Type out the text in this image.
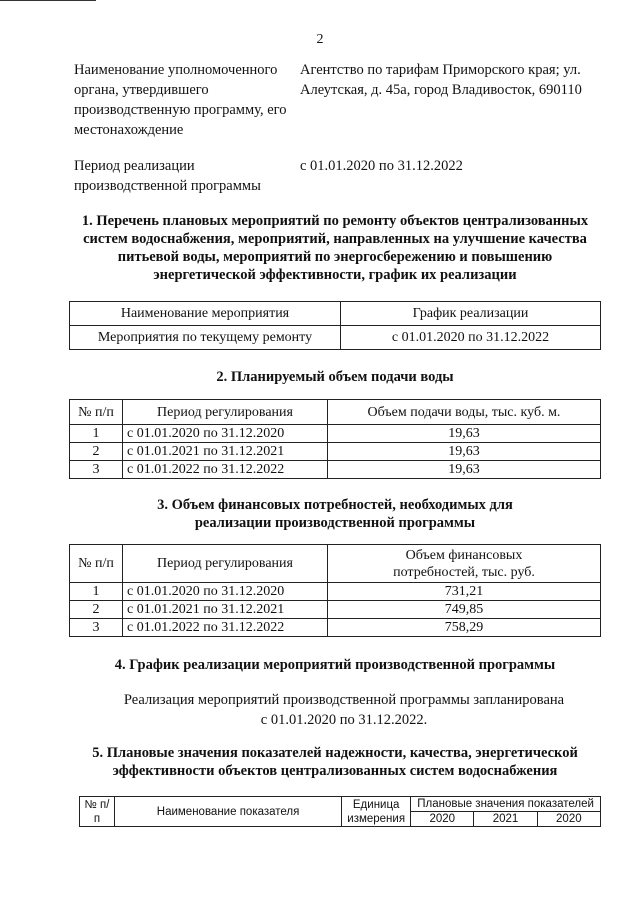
2
Наименование уполномоченного органа, утвердившего производственную программу, его местонахождение
Агентство по тарифам Приморского края; ул. Алеутская, д. 45а, город Владивосток, 690110
Период реализации производственной программы
с 01.01.2020 по 31.12.2022
1. Перечень плановых мероприятий по ремонту объектов централизованных систем водоснабжения, мероприятий, направленных на улучшение качества питьевой воды, мероприятий по энергосбережению и повышению энергетической эффективности, график их реализации
Наименование мероприятия	График реализации
Мероприятия по текущему ремонту	с 01.01.2020 по 31.12.2022
2. Планируемый объем подачи воды
№ п/п	Период регулирования	Объем подачи воды, тыс. куб. м.
1	с 01.01.2020 по 31.12.2020	19,63
2	с 01.01.2021 по 31.12.2021	19,63
3	с 01.01.2022 по 31.12.2022	19,63
3. Объем финансовых потребностей, необходимых для реализации производственной программы
№ п/п	Период регулирования	Объем финансовых потребностей, тыс. руб.
1	с 01.01.2020 по 31.12.2020	731,21
2	с 01.01.2021 по 31.12.2021	749,85
3	с 01.01.2022 по 31.12.2022	758,29
4. График реализации мероприятий производственной программы
Реализация мероприятий производственной программы запланирована с 01.01.2020 по 31.12.2022.
5. Плановые значения показателей надежности, качества, энергетической эффективности объектов централизованных систем водоснабжения
№ п/п	Наименование показателя	Единица измерения	Плановые значения показателей		
			2020	2021	2020
